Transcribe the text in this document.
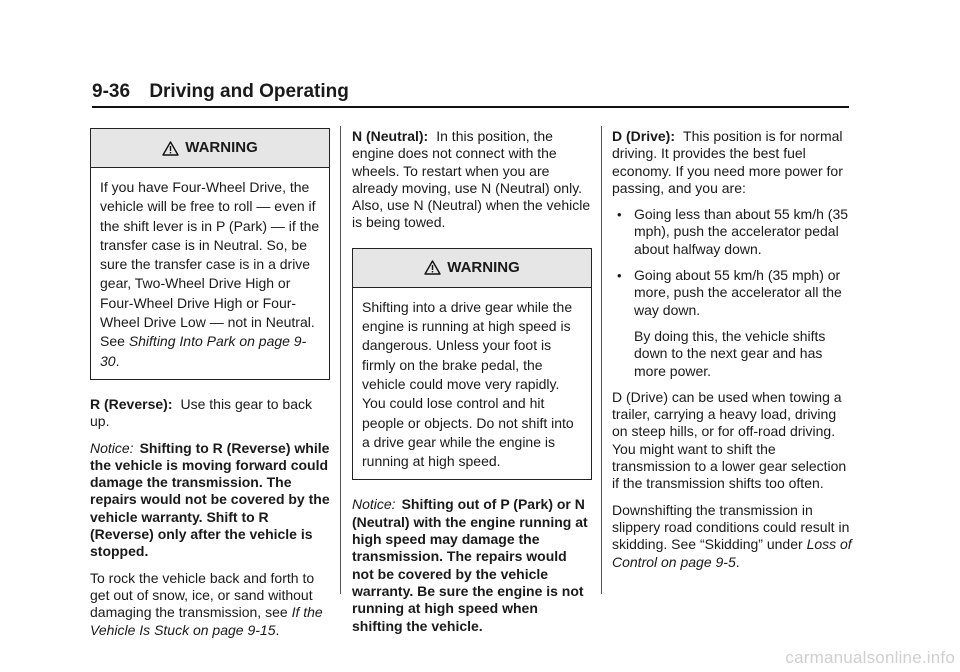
9-36 Driving and Operating
WARNING
If you have Four-Wheel Drive, the vehicle will be free to roll — even if the shift lever is in P (Park) — if the transfer case is in Neutral. So, be sure the transfer case is in a drive gear, Two-Wheel Drive High or Four-Wheel Drive High or Four-Wheel Drive Low — not in Neutral. See Shifting Into Park on page 9-30.

R (Reverse): Use this gear to back up.

Notice: Shifting to R (Reverse) while the vehicle is moving forward could damage the transmission. The repairs would not be covered by the vehicle warranty. Shift to R (Reverse) only after the vehicle is stopped.

To rock the vehicle back and forth to get out of snow, ice, or sand without damaging the transmission, see If the Vehicle Is Stuck on page 9-15.

N (Neutral): In this position, the engine does not connect with the wheels. To restart when you are already moving, use N (Neutral) only. Also, use N (Neutral) when the vehicle is being towed.

WARNING
Shifting into a drive gear while the engine is running at high speed is dangerous. Unless your foot is firmly on the brake pedal, the vehicle could move very rapidly. You could lose control and hit people or objects. Do not shift into a drive gear while the engine is running at high speed.

Notice: Shifting out of P (Park) or N (Neutral) with the engine running at high speed may damage the transmission. The repairs would not be covered by the vehicle warranty. Be sure the engine is not running at high speed when shifting the vehicle.

D (Drive): This position is for normal driving. It provides the best fuel economy. If you need more power for passing, and you are:

• Going less than about 55 km/h (35 mph), push the accelerator pedal about halfway down.
• Going about 55 km/h (35 mph) or more, push the accelerator all the way down.

By doing this, the vehicle shifts down to the next gear and has more power.

D (Drive) can be used when towing a trailer, carrying a heavy load, driving on steep hills, or for off-road driving. You might want to shift the transmission to a lower gear selection if the transmission shifts too often.

Downshifting the transmission in slippery road conditions could result in skidding. See “Skidding” under Loss of Control on page 9-5.

carmanualsonline.info
